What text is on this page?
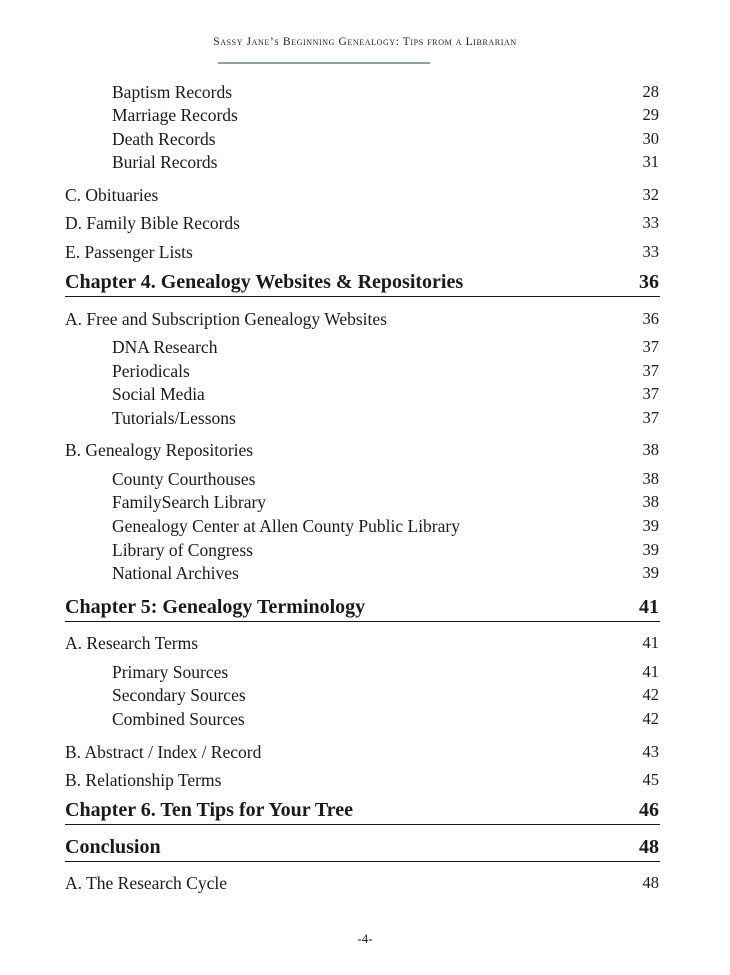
Sassy Jane’s Beginning Genealogy: Tips from a Librarian
Baptism Records	28
Marriage Records	29
Death Records	30
Burial Records	31
C. Obituaries	32
D. Family Bible Records	33
E. Passenger Lists	33
Chapter 4. Genealogy Websites & Repositories	36
A. Free and Subscription Genealogy Websites	36
DNA Research	37
Periodicals	37
Social Media	37
Tutorials/Lessons	37
B. Genealogy Repositories	38
County Courthouses	38
FamilySearch Library	38
Genealogy Center at Allen County Public Library	39
Library of Congress	39
National Archives	39
Chapter 5: Genealogy Terminology	41
A. Research Terms	41
Primary Sources	41
Secondary Sources	42
Combined Sources	42
B. Abstract / Index / Record	43
B. Relationship Terms	45
Chapter 6. Ten Tips for Your Tree	46
Conclusion	48
A. The Research Cycle	48
-4-
